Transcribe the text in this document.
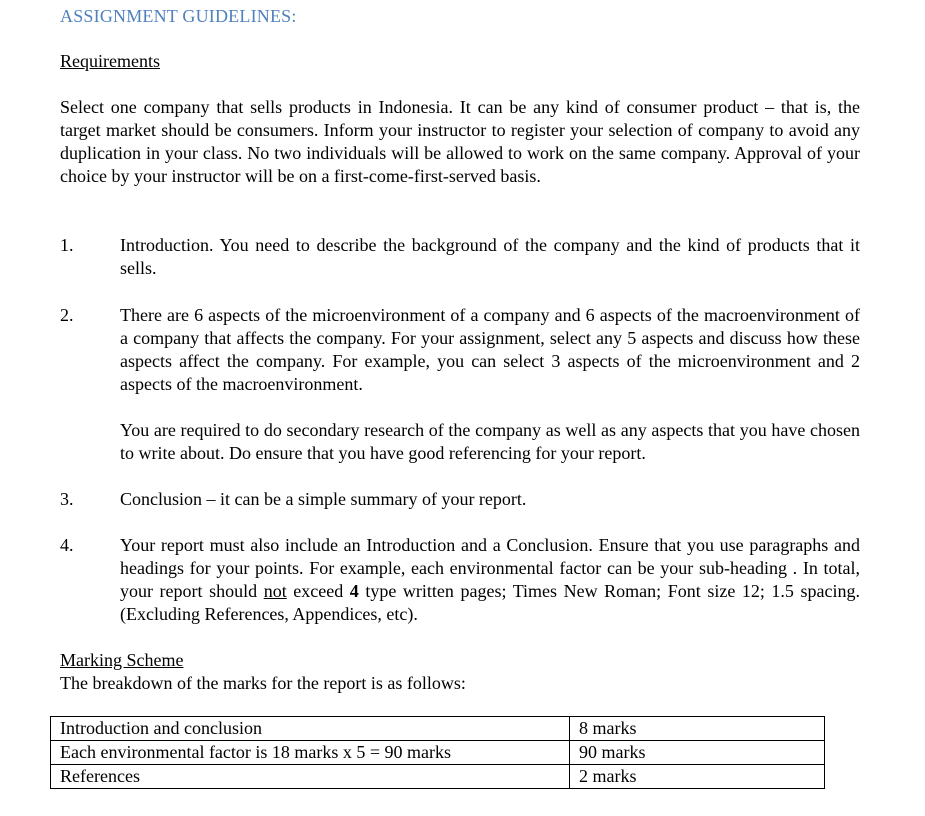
ASSIGNMENT GUIDELINES:
Requirements
Select one company that sells products in Indonesia. It can be any kind of consumer product – that is, the target market should be consumers. Inform your instructor to register your selection of company to avoid any duplication in your class. No two individuals will be allowed to work on the same company. Approval of your choice by your instructor will be on a first-come-first-served basis.
1.	Introduction. You need to describe the background of the company and the kind of products that it sells.
2.	There are 6 aspects of the microenvironment of a company and 6 aspects of the macroenvironment of a company that affects the company. For your assignment, select any 5 aspects and discuss how these aspects affect the company. For example, you can select 3 aspects of the microenvironment and 2 aspects of the macroenvironment.
You are required to do secondary research of the company as well as any aspects that you have chosen to write about. Do ensure that you have good referencing for your report.
3.	Conclusion – it can be a simple summary of your report.
4.	Your report must also include an Introduction and a Conclusion. Ensure that you use paragraphs and headings for your points. For example, each environmental factor can be your sub-heading . In total, your report should not exceed 4 type written pages; Times New Roman; Font size 12; 1.5 spacing. (Excluding References, Appendices, etc).
Marking Scheme
The breakdown of the marks for the report is as follows:
Introduction and conclusion	8 marks
Each environmental factor is 18 marks x 5 = 90 marks	90 marks
References	2 marks
